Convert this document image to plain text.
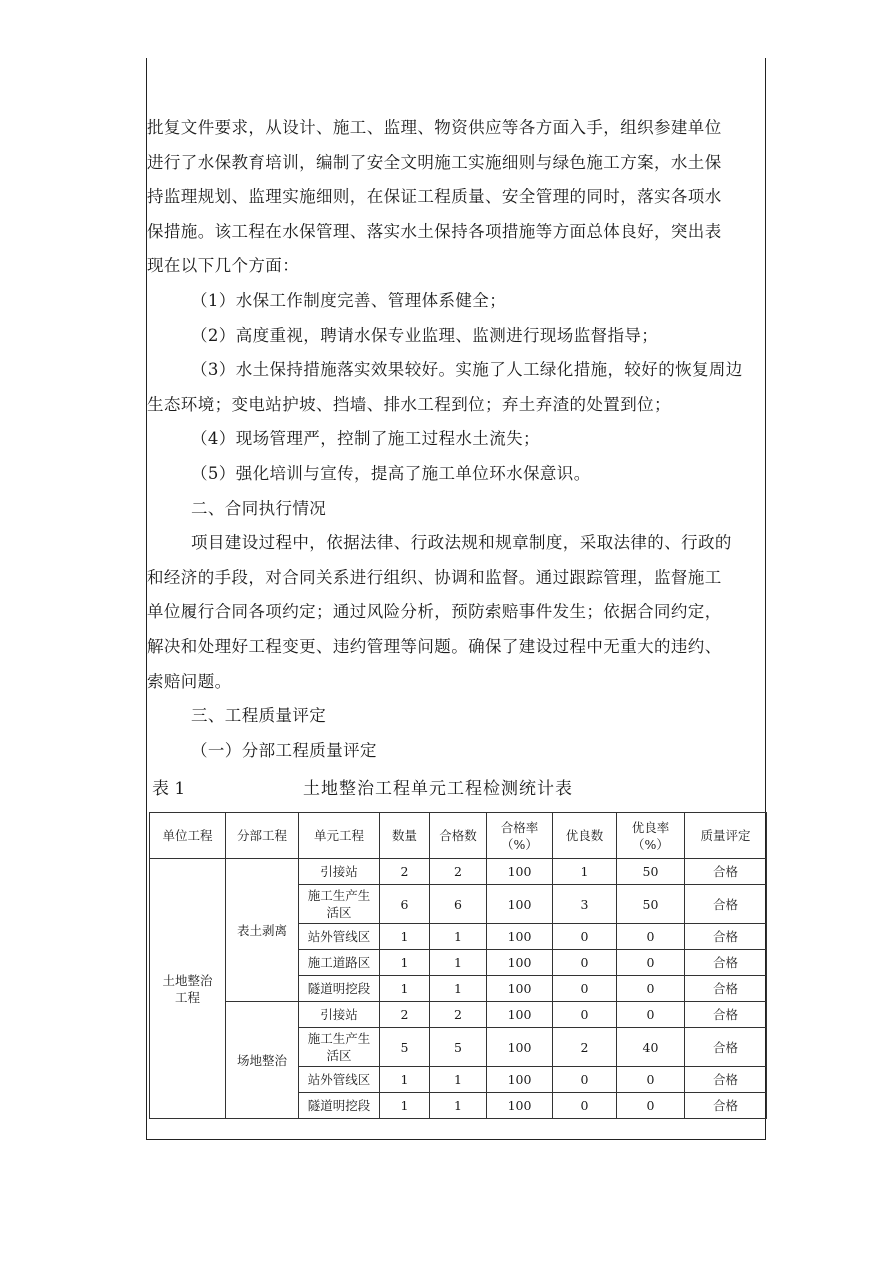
批复文件要求，从设计、施工、监理、物资供应等各方面入手，组织参建单位
进行了水保教育培训，编制了安全文明施工实施细则与绿色施工方案，水土保
持监理规划、监理实施细则，在保证工程质量、安全管理的同时，落实各项水
保措施。该工程在水保管理、落实水土保持各项措施等方面总体良好，突出表
现在以下几个方面：
（1）水保工作制度完善、管理体系健全；
（2）高度重视，聘请水保专业监理、监测进行现场监督指导；
（3）水土保持措施落实效果较好。实施了人工绿化措施，较好的恢复周边
生态环境；变电站护坡、挡墙、排水工程到位；弃土弃渣的处置到位；
（4）现场管理严，控制了施工过程水土流失；
（5）强化培训与宣传，提高了施工单位环水保意识。
二、合同执行情况
项目建设过程中，依据法律、行政法规和规章制度，采取法律的、行政的
和经济的手段，对合同关系进行组织、协调和监督。通过跟踪管理，监督施工
单位履行合同各项约定；通过风险分析，预防索赔事件发生；依据合同约定，
解决和处理好工程变更、违约管理等问题。确保了建设过程中无重大的违约、
索赔问题。
三、工程质量评定
（一）分部工程质量评定
表 1	土地整治工程单元工程检测统计表
单位工程	分部工程	单元工程	数量	合格数	合格率（%）	优良数	优良率（%）	质量评定
土地整治工程	表土剥离	引接站	2	2	100	1	50	合格
		施工生产生活区	6	6	100	3	50	合格
		站外管线区	1	1	100	0	0	合格
		施工道路区	1	1	100	0	0	合格
		隧道明挖段	1	1	100	0	0	合格
	场地整治	引接站	2	2	100	0	0	合格
		施工生产生活区	5	5	100	2	40	合格
		站外管线区	1	1	100	0	0	合格
		隧道明挖段	1	1	100	0	0	合格
